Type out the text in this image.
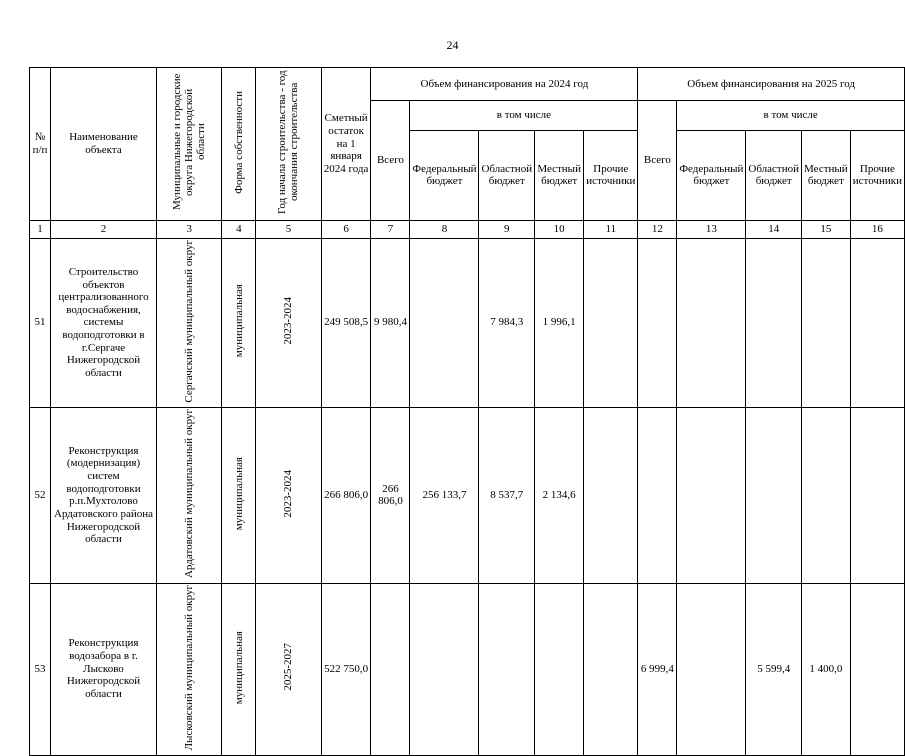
24
№ п/п	Наименование объекта	Муниципальные и городские округа Нижегородской области	Форма собственности	Год начала строительства - год окончания строительства	Сметный остаток на 1 января 2024 года	Объем финансирования на 2024 год					Объем финансирования на 2025 год				
						Всего	в том числе				Всего	в том числе			
							Федеральный бюджет	Областной бюджет	Местный бюджет	Прочие источники		Федеральный бюджет	Областной бюджет	Местный бюджет	Прочие источники
1	2	3	4	5	6	7	8	9	10	11	12	13	14	15	16
51	Строительство объектов централизованного водоснабжения, системы водоподготовки в г.Сергаче Нижегородской области	Сергачский муниципальный округ	муниципальная	2023-2024	249 508,5	9 980,4		7 984,3	1 996,1						
52	Реконструкция (модернизация) систем водоподготовки р.п.Мухтолово Ардатовского района Нижегородской области	Ардатовский муниципальный округ	муниципальная	2023-2024	266 806,0	266 806,0	256 133,7	8 537,7	2 134,6						
53	Реконструкция водозабора в г. Лысково Нижегородской области	Лысковский муниципальный округ	муниципальная	2025-2027	522 750,0						6 999,4		5 599,4	1 400,0	
